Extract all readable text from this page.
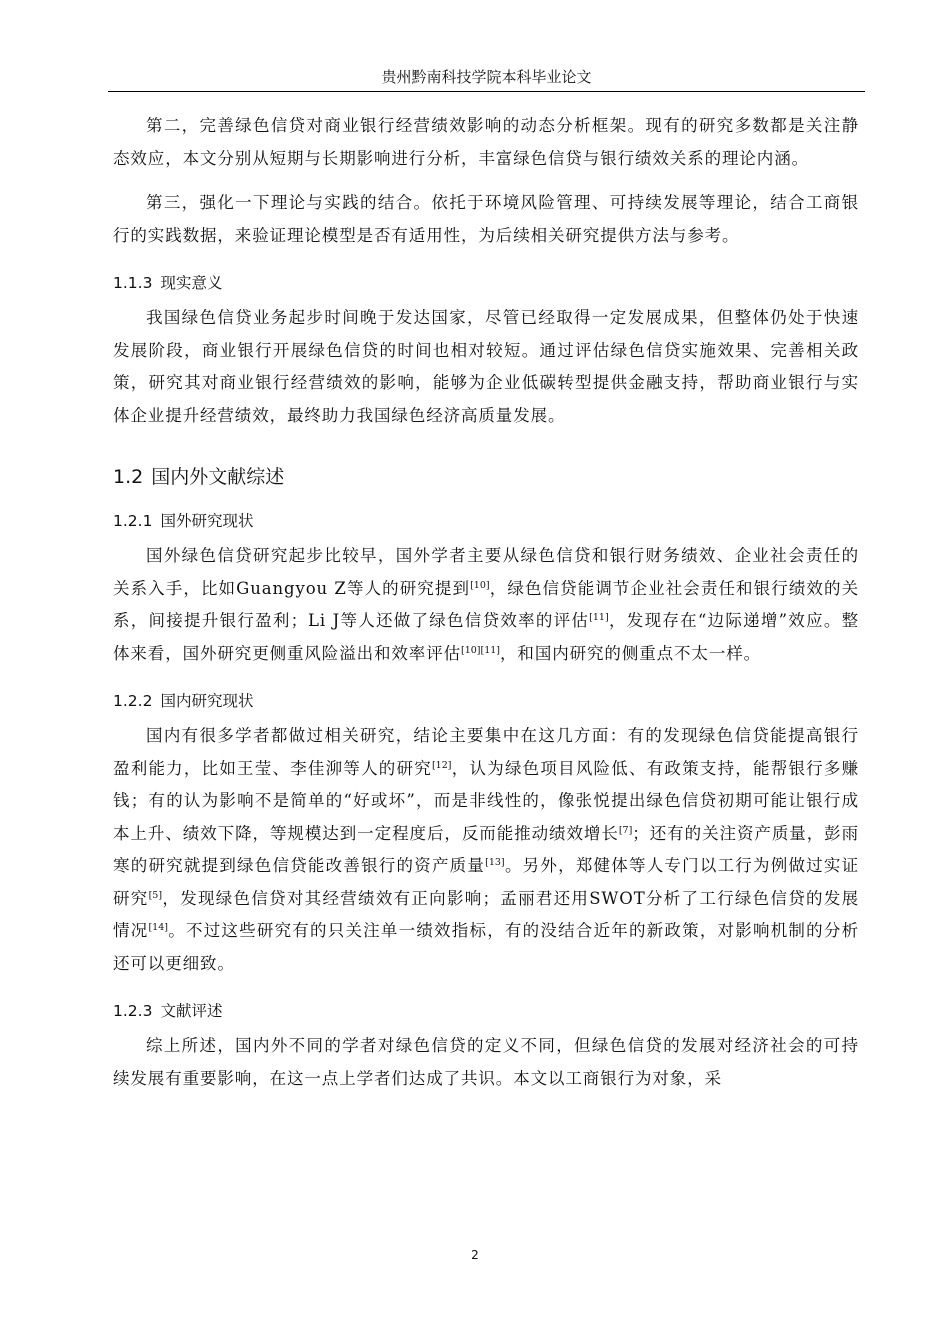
贵州黔南科技学院本科毕业论文

第二，完善绿色信贷对商业银行经营绩效影响的动态分析框架。现有的研究多数都是关注静态效应，本文分别从短期与长期影响进行分析，丰富绿色信贷与银行绩效关系的理论内涵。

第三，强化一下理论与实践的结合。依托于环境风险管理、可持续发展等理论，结合工商银行的实践数据，来验证理论模型是否有适用性，为后续相关研究提供方法与参考。

1.1.3 现实意义

我国绿色信贷业务起步时间晚于发达国家，尽管已经取得一定发展成果，但整体仍处于快速发展阶段，商业银行开展绿色信贷的时间也相对较短。通过评估绿色信贷实施效果、完善相关政策，研究其对商业银行经营绩效的影响，能够为企业低碳转型提供金融支持，帮助商业银行与实体企业提升经营绩效，最终助力我国绿色经济高质量发展。

1.2 国内外文献综述
1.2.1 国外研究现状

国外绿色信贷研究起步比较早，国外学者主要从绿色信贷和银行财务绩效、企业社会责任的关系入手，比如Guangyou Z等人的研究提到[10]，绿色信贷能调节企业社会责任和银行绩效的关系，间接提升银行盈利；Li J等人还做了绿色信贷效率的评估[11]，发现存在“边际递增”效应。整体来看，国外研究更侧重风险溢出和效率评估[10][11]，和国内研究的侧重点不太一样。

1.2.2 国内研究现状

国内有很多学者都做过相关研究，结论主要集中在这几方面：有的发现绿色信贷能提高银行盈利能力，比如王莹、李佳泖等人的研究[12]，认为绿色项目风险低、有政策支持，能帮银行多赚钱；有的认为影响不是简单的“好或坏”，而是非线性的，像张悦提出绿色信贷初期可能让银行成本上升、绩效下降，等规模达到一定程度后，反而能推动绩效增长[7]；还有的关注资产质量，彭雨寒的研究就提到绿色信贷能改善银行的资产质量[13]。另外，郑健体等人专门以工行为例做过实证研究[5]，发现绿色信贷对其经营绩效有正向影响；孟丽君还用SWOT分析了工行绿色信贷的发展情况[14]。不过这些研究有的只关注单一绩效指标，有的没结合近年的新政策，对影响机制的分析还可以更细致。

1.2.3 文献评述

综上所述，国内外不同的学者对绿色信贷的定义不同，但绿色信贷的发展对经济社会的可持续发展有重要影响，在这一点上学者们达成了共识。本文以工商银行为对象，采

2
